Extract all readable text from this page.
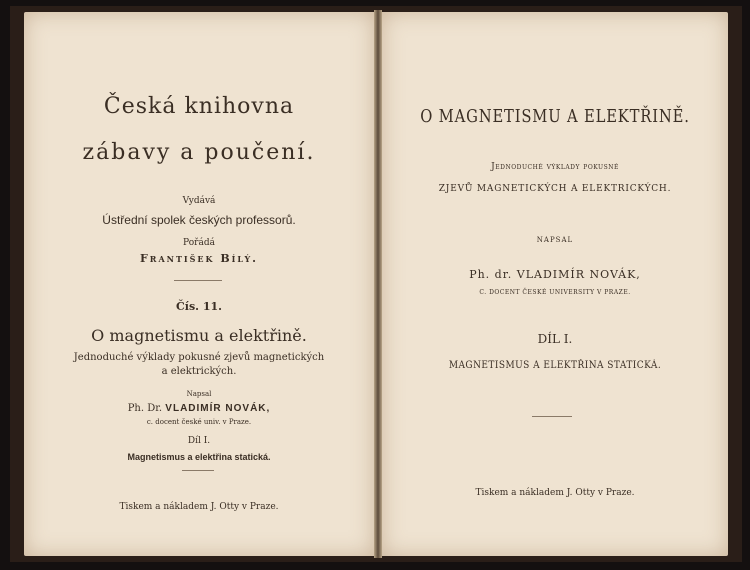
Česká knihovna
zábavy a poučení.
Vydává
Ústřední spolek českých professorů.
Pořádá
František Bílý.
Čís. 11.
O magnetismu a elektřině.
Jednoduché výklady pokusné zjevů magnetických
a elektrických.
Napsal
Ph. Dr. VLADIMÍR NOVÁK,
c. docent české univ. v Praze.
Díl I.
Magnetismus a elektřina statická.
Tiskem a nákladem J. Otty v Praze.
O MAGNETISMU A ELEKTŘINĚ.
Jednoduché výklady pokusné
ZJEVŮ MAGNETICKÝCH A ELEKTRICKÝCH.
NAPSAL
Ph. dr. VLADIMÍR NOVÁK,
C. DOCENT ČESKÉ UNIVERSITY V PRAZE.
DÍL I.
MAGNETISMUS A ELEKTŘINA STATICKÁ.
Tiskem a nákladem J. Otty v Praze.
